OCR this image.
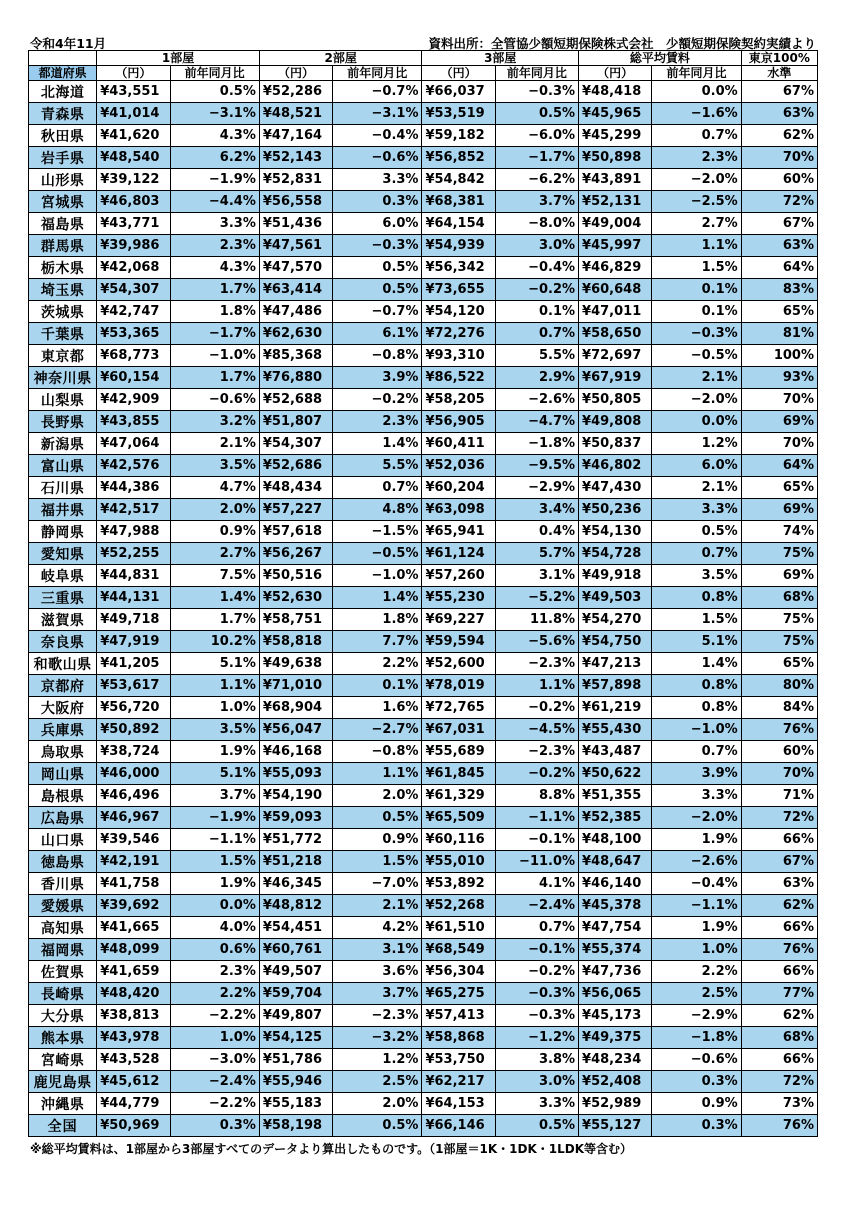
令和4年11月	資料出所：全管協少額短期保険株式会社　少額短期保険契約実績より
	1部屋		2部屋		3部屋		総平均賃料		東京100%
都道府県	（円）	前年同月比	（円）	前年同月比	（円）	前年同月比	（円）	前年同月比	水準
北海道	¥43,551	0.5%	¥52,286	−0.7%	¥66,037	−0.3%	¥48,418	0.0%	67%
青森県	¥41,014	−3.1%	¥48,521	−3.1%	¥53,519	0.5%	¥45,965	−1.6%	63%
秋田県	¥41,620	4.3%	¥47,164	−0.4%	¥59,182	−6.0%	¥45,299	0.7%	62%
岩手県	¥48,540	6.2%	¥52,143	−0.6%	¥56,852	−1.7%	¥50,898	2.3%	70%
山形県	¥39,122	−1.9%	¥52,831	3.3%	¥54,842	−6.2%	¥43,891	−2.0%	60%
宮城県	¥46,803	−4.4%	¥56,558	0.3%	¥68,381	3.7%	¥52,131	−2.5%	72%
福島県	¥43,771	3.3%	¥51,436	6.0%	¥64,154	−8.0%	¥49,004	2.7%	67%
群馬県	¥39,986	2.3%	¥47,561	−0.3%	¥54,939	3.0%	¥45,997	1.1%	63%
栃木県	¥42,068	4.3%	¥47,570	0.5%	¥56,342	−0.4%	¥46,829	1.5%	64%
埼玉県	¥54,307	1.7%	¥63,414	0.5%	¥73,655	−0.2%	¥60,648	0.1%	83%
茨城県	¥42,747	1.8%	¥47,486	−0.7%	¥54,120	0.1%	¥47,011	0.1%	65%
千葉県	¥53,365	−1.7%	¥62,630	6.1%	¥72,276	0.7%	¥58,650	−0.3%	81%
東京都	¥68,773	−1.0%	¥85,368	−0.8%	¥93,310	5.5%	¥72,697	−0.5%	100%
神奈川県	¥60,154	1.7%	¥76,880	3.9%	¥86,522	2.9%	¥67,919	2.1%	93%
山梨県	¥42,909	−0.6%	¥52,688	−0.2%	¥58,205	−2.6%	¥50,805	−2.0%	70%
長野県	¥43,855	3.2%	¥51,807	2.3%	¥56,905	−4.7%	¥49,808	0.0%	69%
新潟県	¥47,064	2.1%	¥54,307	1.4%	¥60,411	−1.8%	¥50,837	1.2%	70%
富山県	¥42,576	3.5%	¥52,686	5.5%	¥52,036	−9.5%	¥46,802	6.0%	64%
石川県	¥44,386	4.7%	¥48,434	0.7%	¥60,204	−2.9%	¥47,430	2.1%	65%
福井県	¥42,517	2.0%	¥57,227	4.8%	¥63,098	3.4%	¥50,236	3.3%	69%
静岡県	¥47,988	0.9%	¥57,618	−1.5%	¥65,941	0.4%	¥54,130	0.5%	74%
愛知県	¥52,255	2.7%	¥56,267	−0.5%	¥61,124	5.7%	¥54,728	0.7%	75%
岐阜県	¥44,831	7.5%	¥50,516	−1.0%	¥57,260	3.1%	¥49,918	3.5%	69%
三重県	¥44,131	1.4%	¥52,630	1.4%	¥55,230	−5.2%	¥49,503	0.8%	68%
滋賀県	¥49,718	1.7%	¥58,751	1.8%	¥69,227	11.8%	¥54,270	1.5%	75%
奈良県	¥47,919	10.2%	¥58,818	7.7%	¥59,594	−5.6%	¥54,750	5.1%	75%
和歌山県	¥41,205	5.1%	¥49,638	2.2%	¥52,600	−2.3%	¥47,213	1.4%	65%
京都府	¥53,617	1.1%	¥71,010	0.1%	¥78,019	1.1%	¥57,898	0.8%	80%
大阪府	¥56,720	1.0%	¥68,904	1.6%	¥72,765	−0.2%	¥61,219	0.8%	84%
兵庫県	¥50,892	3.5%	¥56,047	−2.7%	¥67,031	−4.5%	¥55,430	−1.0%	76%
鳥取県	¥38,724	1.9%	¥46,168	−0.8%	¥55,689	−2.3%	¥43,487	0.7%	60%
岡山県	¥46,000	5.1%	¥55,093	1.1%	¥61,845	−0.2%	¥50,622	3.9%	70%
島根県	¥46,496	3.7%	¥54,190	2.0%	¥61,329	8.8%	¥51,355	3.3%	71%
広島県	¥46,967	−1.9%	¥59,093	0.5%	¥65,509	−1.1%	¥52,385	−2.0%	72%
山口県	¥39,546	−1.1%	¥51,772	0.9%	¥60,116	−0.1%	¥48,100	1.9%	66%
徳島県	¥42,191	1.5%	¥51,218	1.5%	¥55,010	−11.0%	¥48,647	−2.6%	67%
香川県	¥41,758	1.9%	¥46,345	−7.0%	¥53,892	4.1%	¥46,140	−0.4%	63%
愛媛県	¥39,692	0.0%	¥48,812	2.1%	¥52,268	−2.4%	¥45,378	−1.1%	62%
高知県	¥41,665	4.0%	¥54,451	4.2%	¥61,510	0.7%	¥47,754	1.9%	66%
福岡県	¥48,099	0.6%	¥60,761	3.1%	¥68,549	−0.1%	¥55,374	1.0%	76%
佐賀県	¥41,659	2.3%	¥49,507	3.6%	¥56,304	−0.2%	¥47,736	2.2%	66%
長崎県	¥48,420	2.2%	¥59,704	3.7%	¥65,275	−0.3%	¥56,065	2.5%	77%
大分県	¥38,813	−2.2%	¥49,807	−2.3%	¥57,413	−0.3%	¥45,173	−2.9%	62%
熊本県	¥43,978	1.0%	¥54,125	−3.2%	¥58,868	−1.2%	¥49,375	−1.8%	68%
宮崎県	¥43,528	−3.0%	¥51,786	1.2%	¥53,750	3.8%	¥48,234	−0.6%	66%
鹿児島県	¥45,612	−2.4%	¥55,946	2.5%	¥62,217	3.0%	¥52,408	0.3%	72%
沖縄県	¥44,779	−2.2%	¥55,183	2.0%	¥64,153	3.3%	¥52,989	0.9%	73%
全国	¥50,969	0.3%	¥58,198	0.5%	¥66,146	0.5%	¥55,127	0.3%	76%
※総平均賃料は、1部屋から3部屋すべてのデータより算出したものです。（1部屋＝1K・1DK・1LDK等含む）
